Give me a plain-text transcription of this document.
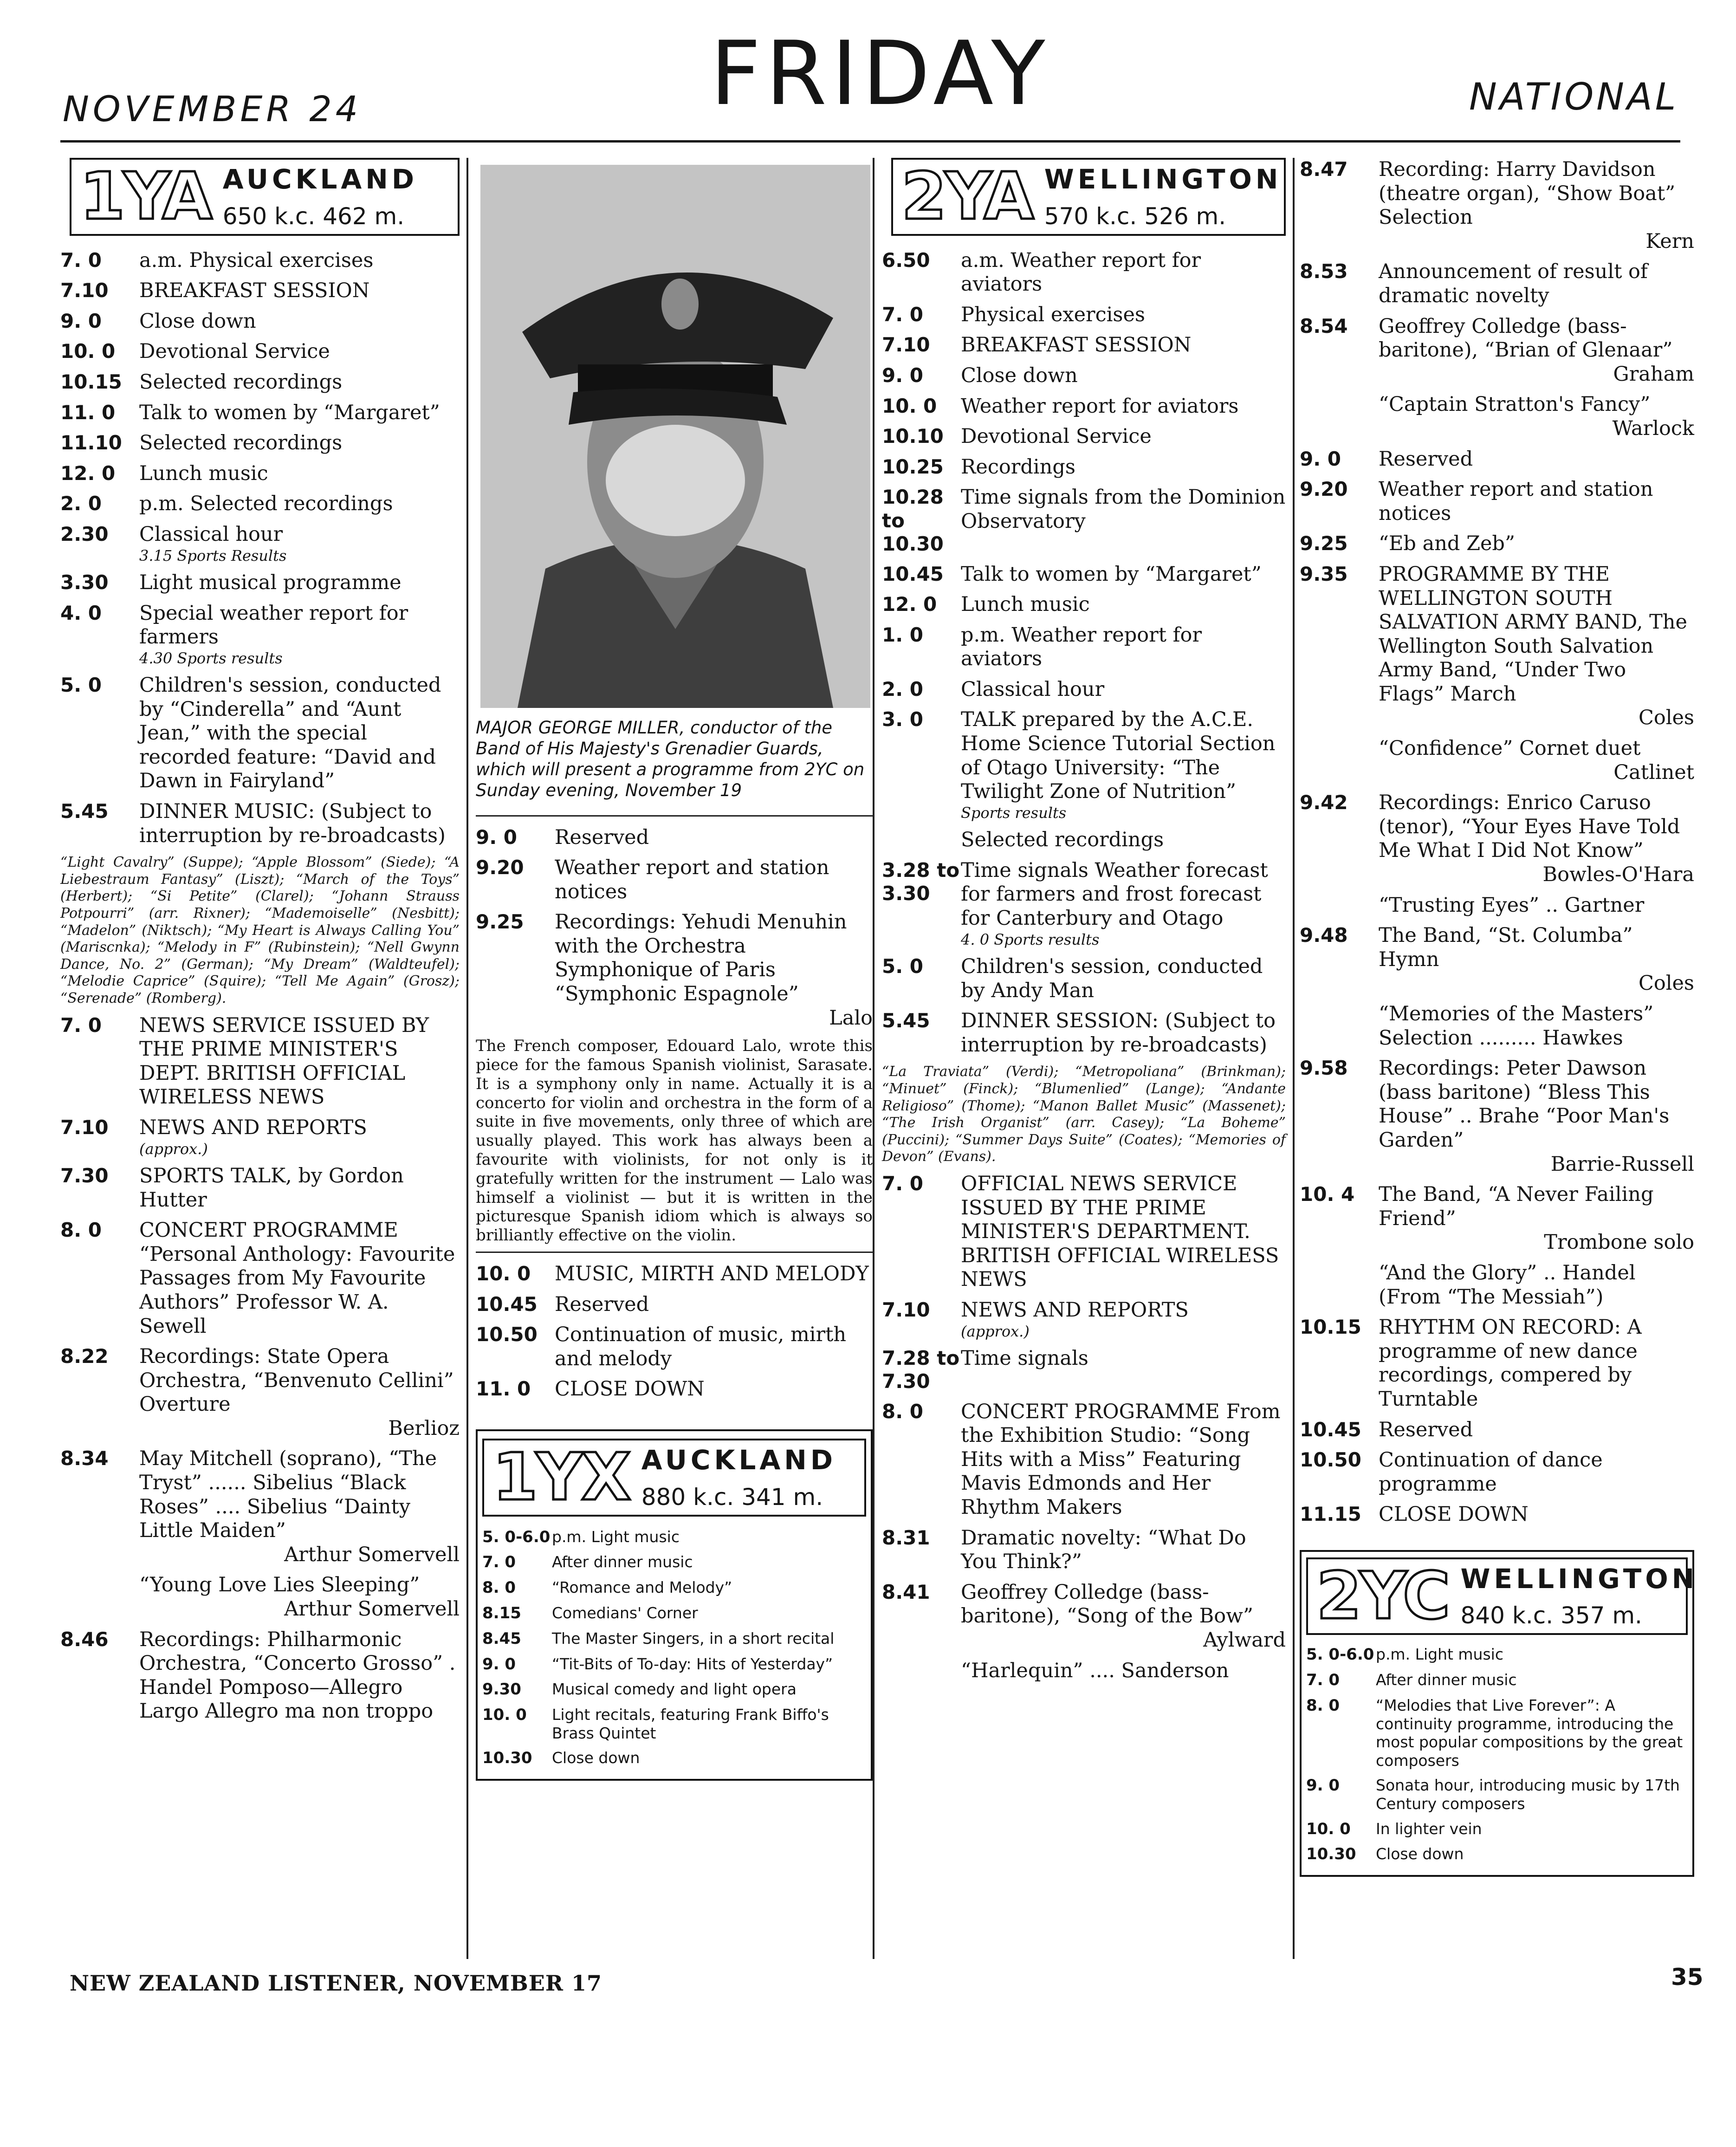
NOVEMBER 24	FRIDAY	NATIONAL
1YA AUCKLAND
650 k.c. 462 m.
7. 0	a.m. Physical exercises
7.10	BREAKFAST SESSION
9. 0	Close down
10. 0	Devotional Service
10.15 Selected recordings
11. 0	Talk to women by “Margaret”
11.10 Selected recordings
12. 0	Lunch music
2. 0	p.m. Selected recordings
2.30	Classical hour
3.15 Sports Results
3.30	Light musical programme
4. 0	Special weather report for farmers
4.30 Sports results
5. 0	Children's session, conducted by “Cinderella” and “Aunt Jean,” with the special recorded feature: “David and Dawn in Fairyland”
5.45	DINNER MUSIC: (Subject to interruption by re-broadcasts)
“Light Cavalry” (Suppe); “Apple Blossom” (Siede); “A Liebestraum Fantasy” (Liszt); “March of the Toys” (Herbert); “Si Petite” (Clarel); “Johann Strauss Potpourri” (arr. Rixner); “Mademoiselle” (Nesbitt); “Madelon” (Niktsch); “My Heart is Always Calling You” (Mariscnka); “Melody in F” (Rubinstein); “Nell Gwynn Dance, No. 2” (German); “My Dream” (Waldteufel); “Melodie Caprice” (Squire); “Tell Me Again” (Grosz); “Serenade” (Romberg).
7. 0	NEWS SERVICE ISSUED BY THE PRIME MINISTER'S DEPT. BRITISH OFFICIAL WIRELESS NEWS
7.10	NEWS AND REPORTS
(approx.)
7.30	SPORTS TALK, by Gordon Hutter
8. 0	CONCERT PROGRAMME “Personal Anthology: Favourite Passages from My Favourite Authors” Professor W. A. Sewell
8.22	Recordings: State Opera Orchestra, “Benvenuto Cellini” Overture
Berlioz
8.34	May Mitchell (soprano), “The Tryst” ...... Sibelius “Black Roses” .... Sibelius “Dainty Little Maiden”
Arthur Somervell
“Young Love Lies Sleeping”
Arthur Somervell
8.46	Recordings: Philharmonic Orchestra, “Concerto Grosso” . Handel Pomposo—Allegro Largo Allegro ma non troppo
MAJOR GEORGE MILLER, conductor of the Band of His Majesty's Grenadier Guards, which will present a programme from 2YC on Sunday evening, November 19
9. 0	Reserved
9.20	Weather report and station notices
9.25	Recordings: Yehudi Menuhin with the Orchestra Symphonique of Paris “Symphonic Espagnole”
Lalo
The French composer, Edouard Lalo, wrote this piece for the famous Spanish violinist, Sarasate. It is a symphony only in name. Actually it is a concerto for violin and orchestra in the form of a suite in five movements, only three of which are usually played. This work has always been a favourite with violinists, for not only is it gratefully written for the instrument — Lalo was himself a violinist — but it is written in the picturesque Spanish idiom which is always so brilliantly effective on the violin.
10. 0	MUSIC, MIRTH AND MELODY
10.45 Reserved
10.50 Continuation of music, mirth and melody
11. 0	CLOSE DOWN
1YX AUCKLAND
880 k.c. 341 m.
5. 0-6.0 p.m. Light music
7. 0	After dinner music
8. 0	“Romance and Melody”
8.15	Comedians' Corner
8.45	The Master Singers, in a short recital
9. 0	“Tit-Bits of To-day: Hits of Yesterday”
9.30	Musical comedy and light opera
10. 0	Light recitals, featuring Frank Biffo's Brass Quintet
10.30	Close down
2YA WELLINGTON
570 k.c. 526 m.
6.50	a.m. Weather report for aviators
7. 0	Physical exercises
7.10	BREAKFAST SESSION
9. 0	Close down
10. 0	Weather report for aviators
10.10 Devotional Service
10.25 Recordings
10.28 to 10.30
Time signals from the Dominion Observatory
10.45 Talk to women by “Margaret”
12. 0	Lunch music
1. 0	p.m. Weather report for aviators
2. 0	Classical hour
3. 0	TALK prepared by the A.C.E. Home Science Tutorial Section of Otago University: “The Twilight Zone of Nutrition”
Sports results
Selected recordings
3.28 to 3.30
Time signals Weather forecast for farmers and frost forecast for Canterbury and Otago
4. 0 Sports results
5. 0	Children's session, conducted by Andy Man
5.45	DINNER SESSION: (Subject to interruption by re-broadcasts)
“La Traviata” (Verdi); “Metropoliana” (Brinkman); “Minuet” (Finck); “Blumenlied” (Lange); “Andante Religioso” (Thome); “Manon Ballet Music” (Massenet); “The Irish Organist” (arr. Casey); “La Boheme” (Puccini); “Summer Days Suite” (Coates); “Memories of Devon” (Evans).
7. 0	OFFICIAL NEWS SERVICE ISSUED BY THE PRIME MINISTER'S DEPARTMENT. BRITISH OFFICIAL WIRELESS NEWS
7.10	NEWS AND REPORTS
(approx.)
7.28 to 7.30
Time signals
8. 0	CONCERT PROGRAMME From the Exhibition Studio: “Song Hits with a Miss” Featuring Mavis Edmonds and Her Rhythm Makers
8.31	Dramatic novelty: “What Do You Think?”
8.41	Geoffrey Colledge (bass-baritone), “Song of the Bow”
Aylward
“Harlequin” .... Sanderson
8.47	Recording: Harry Davidson (theatre organ), “Show Boat” Selection
Kern
8.53	Announcement of result of dramatic novelty
8.54	Geoffrey Colledge (bass-baritone), “Brian of Glenaar”
Graham
“Captain Stratton's Fancy”
Warlock
9. 0	Reserved
9.20	Weather report and station notices
9.25	“Eb and Zeb”
9.35	PROGRAMME BY THE WELLINGTON SOUTH SALVATION ARMY BAND, The Wellington South Salvation Army Band, “Under Two Flags” March
Coles
“Confidence” Cornet duet
Catlinet
9.42	Recordings: Enrico Caruso (tenor), “Your Eyes Have Told Me What I Did Not Know”
Bowles-O'Hara
“Trusting Eyes” .. Gartner
9.48	The Band, “St. Columba” Hymn
Coles
“Memories of the Masters” Selection ......... Hawkes
9.58	Recordings: Peter Dawson (bass baritone) “Bless This House” .. Brahe “Poor Man's Garden”
Barrie-Russell
10. 4	The Band, “A Never Failing Friend”
Trombone solo
“And the Glory” .. Handel (From “The Messiah”)
10.15 RHYTHM ON RECORD: A programme of new dance recordings, compered by Turntable
10.45 Reserved
10.50 Continuation of dance programme
11.15 CLOSE DOWN
2YC WELLINGTON
840 k.c. 357 m.
5. 0-6.0 p.m. Light music
7. 0	After dinner music
8. 0	“Melodies that Live Forever”: A continuity programme, introducing the most popular compositions by the great composers
9. 0	Sonata hour, introducing music by 17th Century composers
10. 0	In lighter vein
10.30	Close down
NEW ZEALAND LISTENER, NOVEMBER 17	35
